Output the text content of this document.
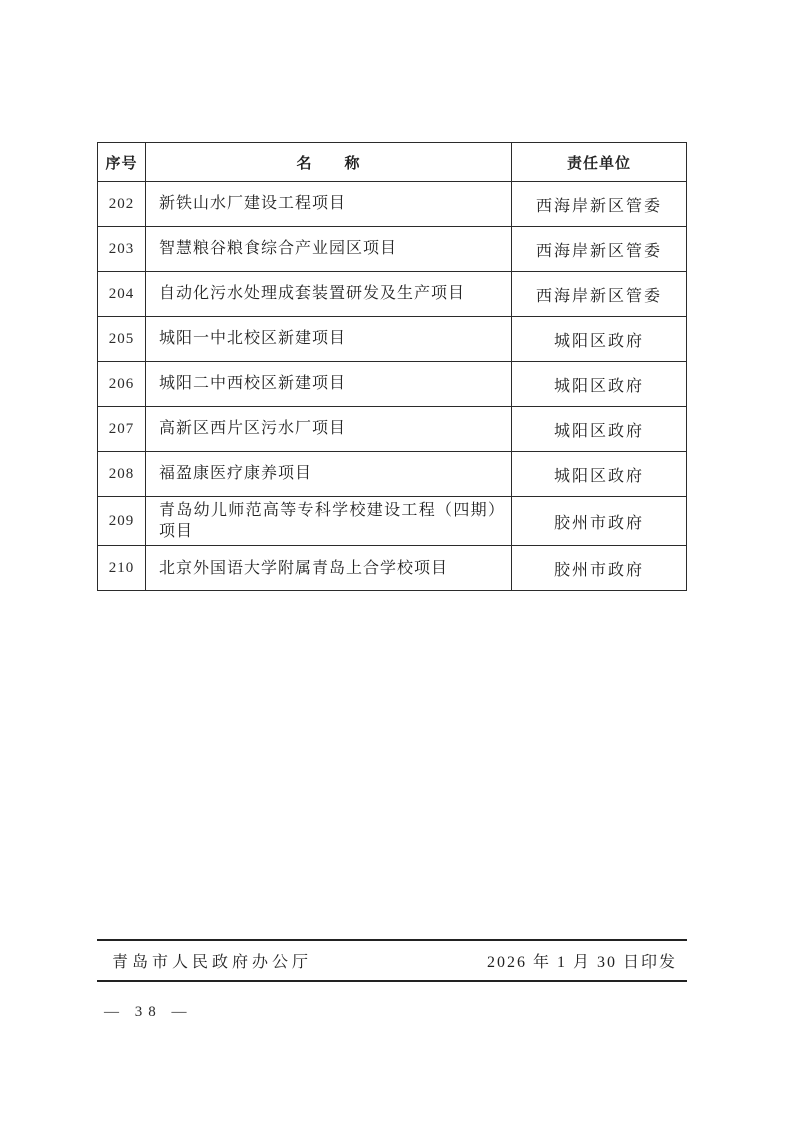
序号	名　　称	责任单位
202	新铁山水厂建设工程项目	西海岸新区管委
203	智慧粮谷粮食综合产业园区项目	西海岸新区管委
204	自动化污水处理成套装置研发及生产项目	西海岸新区管委
205	城阳一中北校区新建项目	城阳区政府
206	城阳二中西校区新建项目	城阳区政府
207	高新区西片区污水厂项目	城阳区政府
208	福盈康医疗康养项目	城阳区政府
209	青岛幼儿师范高等专科学校建设工程（四期）项目	胶州市政府
210	北京外国语大学附属青岛上合学校项目	胶州市政府
青岛市人民政府办公厅	2026 年 1 月 30 日印发
— 38 —
